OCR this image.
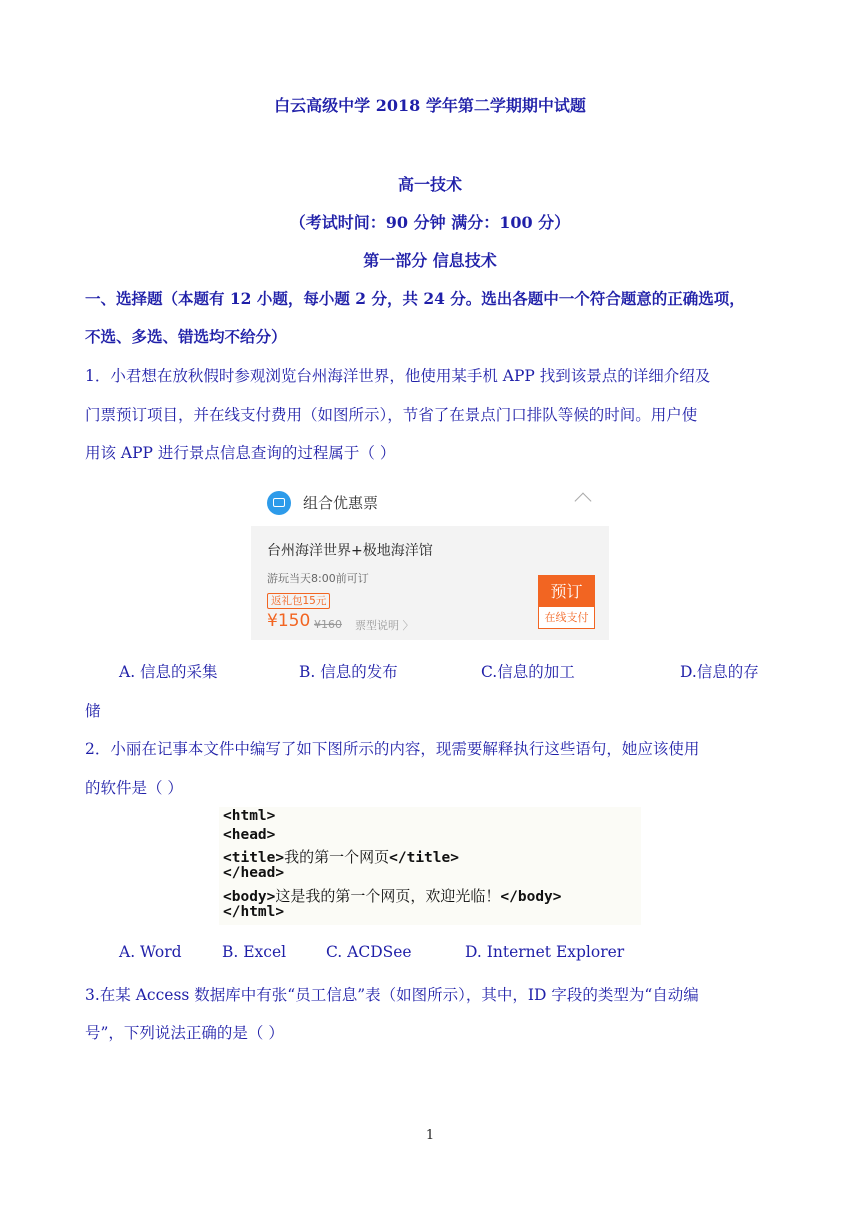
白云高级中学 2018 学年第二学期期中试题
高一技术
（考试时间：90 分钟 满分：100 分）
第一部分 信息技术
一、选择题（本题有 12 小题，每小题 2 分，共 24 分。选出各题中一个符合题意的正确选项，
不选、多选、错选均不给分）
1．小君想在放秋假时参观浏览台州海洋世界，他使用某手机 APP 找到该景点的详细介绍及
门票预订项目，并在线支付费用（如图所示），节省了在景点门口排队等候的时间。用户使
用该 APP 进行景点信息查询的过程属于（ ）
组合优惠票
台州海洋世界+极地海洋馆
游玩当天8:00前可订
返礼包15元
¥150 ¥160 票型说明 〉
预订
在线支付
A. 信息的采集	B. 信息的发布	C.信息的加工	D.信息的存
储
2．小丽在记事本文件中编写了如下图所示的内容，现需要解释执行这些语句，她应该使用
的软件是（ ）
<html>
<head>
<title>我的第一个网页</title>
</head>
<body>这是我的第一个网页，欢迎光临！</body>
</html>
A. Word	B. Excel	C. ACDSee	D. Internet Explorer
3.在某 Access 数据库中有张“员工信息”表（如图所示），其中，ID 字段的类型为“自动编
号”，下列说法正确的是（ ）
1
